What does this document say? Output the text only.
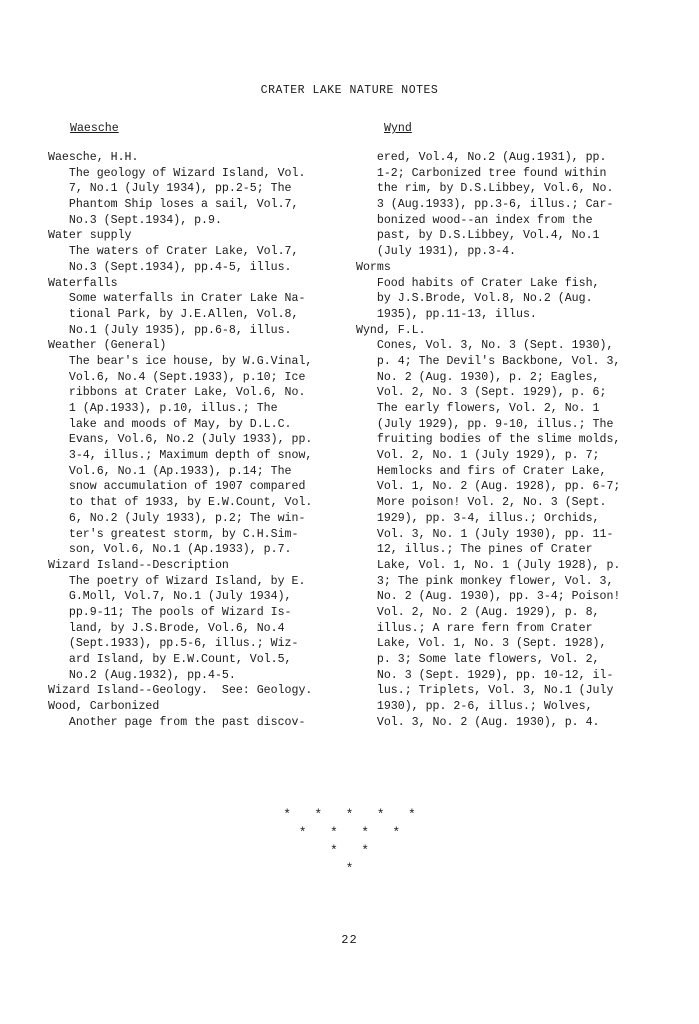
CRATER LAKE NATURE NOTES
Waesche	Wynd
Waesche, H.H.
The geology of Wizard Island, Vol.
7, No.1 (July 1934), pp.2-5; The
Phantom Ship loses a sail, Vol.7,
No.3 (Sept.1934), p.9.
Water supply
The waters of Crater Lake, Vol.7,
No.3 (Sept.1934), pp.4-5, illus.
Waterfalls
Some waterfalls in Crater Lake Na-
tional Park, by J.E.Allen, Vol.8,
No.1 (July 1935), pp.6-8, illus.
Weather (General)
The bear's ice house, by W.G.Vinal,
Vol.6, No.4 (Sept.1933), p.10; Ice
ribbons at Crater Lake, Vol.6, No.
1 (Ap.1933), p.10, illus.; The
lake and moods of May, by D.L.C.
Evans, Vol.6, No.2 (July 1933), pp.
3-4, illus.; Maximum depth of snow,
Vol.6, No.1 (Ap.1933), p.14; The
snow accumulation of 1907 compared
to that of 1933, by E.W.Count, Vol.
6, No.2 (July 1933), p.2; The win-
ter's greatest storm, by C.H.Sim-
son, Vol.6, No.1 (Ap.1933), p.7.
Wizard Island--Description
The poetry of Wizard Island, by E.
G.Moll, Vol.7, No.1 (July 1934),
pp.9-11; The pools of Wizard Is-
land, by J.S.Brode, Vol.6, No.4
(Sept.1933), pp.5-6, illus.; Wiz-
ard Island, by E.W.Count, Vol.5,
No.2 (Aug.1932), pp.4-5.
Wizard Island--Geology.  See: Geology.
Wood, Carbonized
Another page from the past discov-
ered, Vol.4, No.2 (Aug.1931), pp.
1-2; Carbonized tree found within
the rim, by D.S.Libbey, Vol.6, No.
3 (Aug.1933), pp.3-6, illus.; Car-
bonized wood--an index from the
past, by D.S.Libbey, Vol.4, No.1
(July 1931), pp.3-4.
Worms
Food habits of Crater Lake fish,
by J.S.Brode, Vol.8, No.2 (Aug.
1935), pp.11-13, illus.
Wynd, F.L.
Cones, Vol. 3, No. 3 (Sept. 1930),
p. 4; The Devil's Backbone, Vol. 3,
No. 2 (Aug. 1930), p. 2; Eagles,
Vol. 2, No. 3 (Sept. 1929), p. 6;
The early flowers, Vol. 2, No. 1
(July 1929), pp. 9-10, illus.; The
fruiting bodies of the slime molds,
Vol. 2, No. 1 (July 1929), p. 7;
Hemlocks and firs of Crater Lake,
Vol. 1, No. 2 (Aug. 1928), pp. 6-7;
More poison! Vol. 2, No. 3 (Sept.
1929), pp. 3-4, illus.; Orchids,
Vol. 3, No. 1 (July 1930), pp. 11-
12, illus.; The pines of Crater
Lake, Vol. 1, No. 1 (July 1928), p.
3; The pink monkey flower, Vol. 3,
No. 2 (Aug. 1930), pp. 3-4; Poison!
Vol. 2, No. 2 (Aug. 1929), p. 8,
illus.; A rare fern from Crater
Lake, Vol. 1, No. 3 (Sept. 1928),
p. 3; Some late flowers, Vol. 2,
No. 3 (Sept. 1929), pp. 10-12, il-
lus.; Triplets, Vol. 3, No.1 (July
1930), pp. 2-6, illus.; Wolves,
Vol. 3, No. 2 (Aug. 1930), p. 4.
*   *   *   *   *
*   *   *   *
*   *
*
22
